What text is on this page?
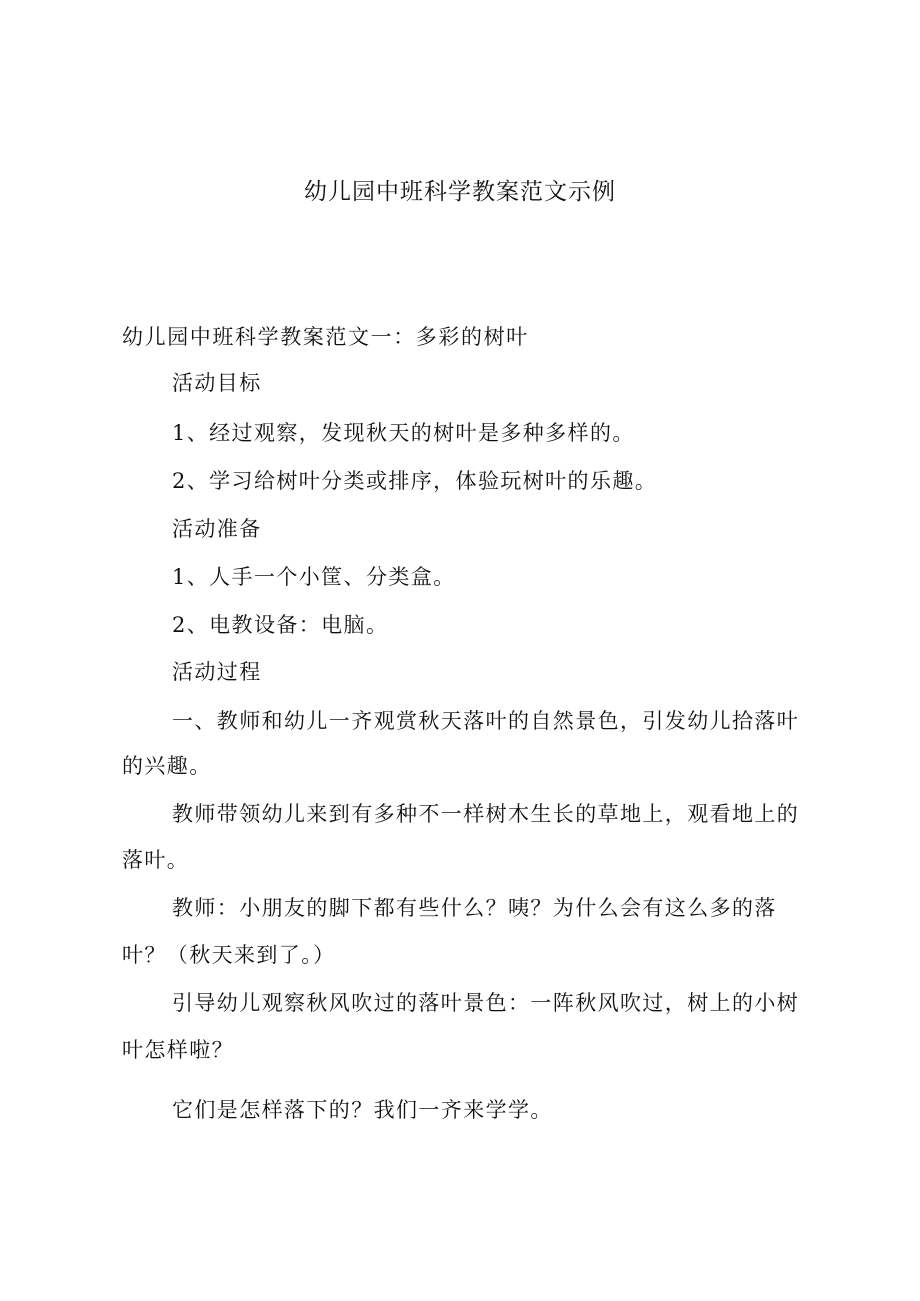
幼儿园中班科学教案范文示例
幼儿园中班科学教案范文一：多彩的树叶
活动目标
1、经过观察，发现秋天的树叶是多种多样的。
2、学习给树叶分类或排序，体验玩树叶的乐趣。
活动准备
1、人手一个小筐、分类盒。
2、电教设备：电脑。
活动过程
一、教师和幼儿一齐观赏秋天落叶的自然景色，引发幼儿拾落叶
的兴趣。
教师带领幼儿来到有多种不一样树木生长的草地上，观看地上的
落叶。
教师：小朋友的脚下都有些什么？咦？为什么会有这么多的落
叶？（秋天来到了。）
引导幼儿观察秋风吹过的落叶景色：一阵秋风吹过，树上的小树
叶怎样啦？
它们是怎样落下的？我们一齐来学学。
